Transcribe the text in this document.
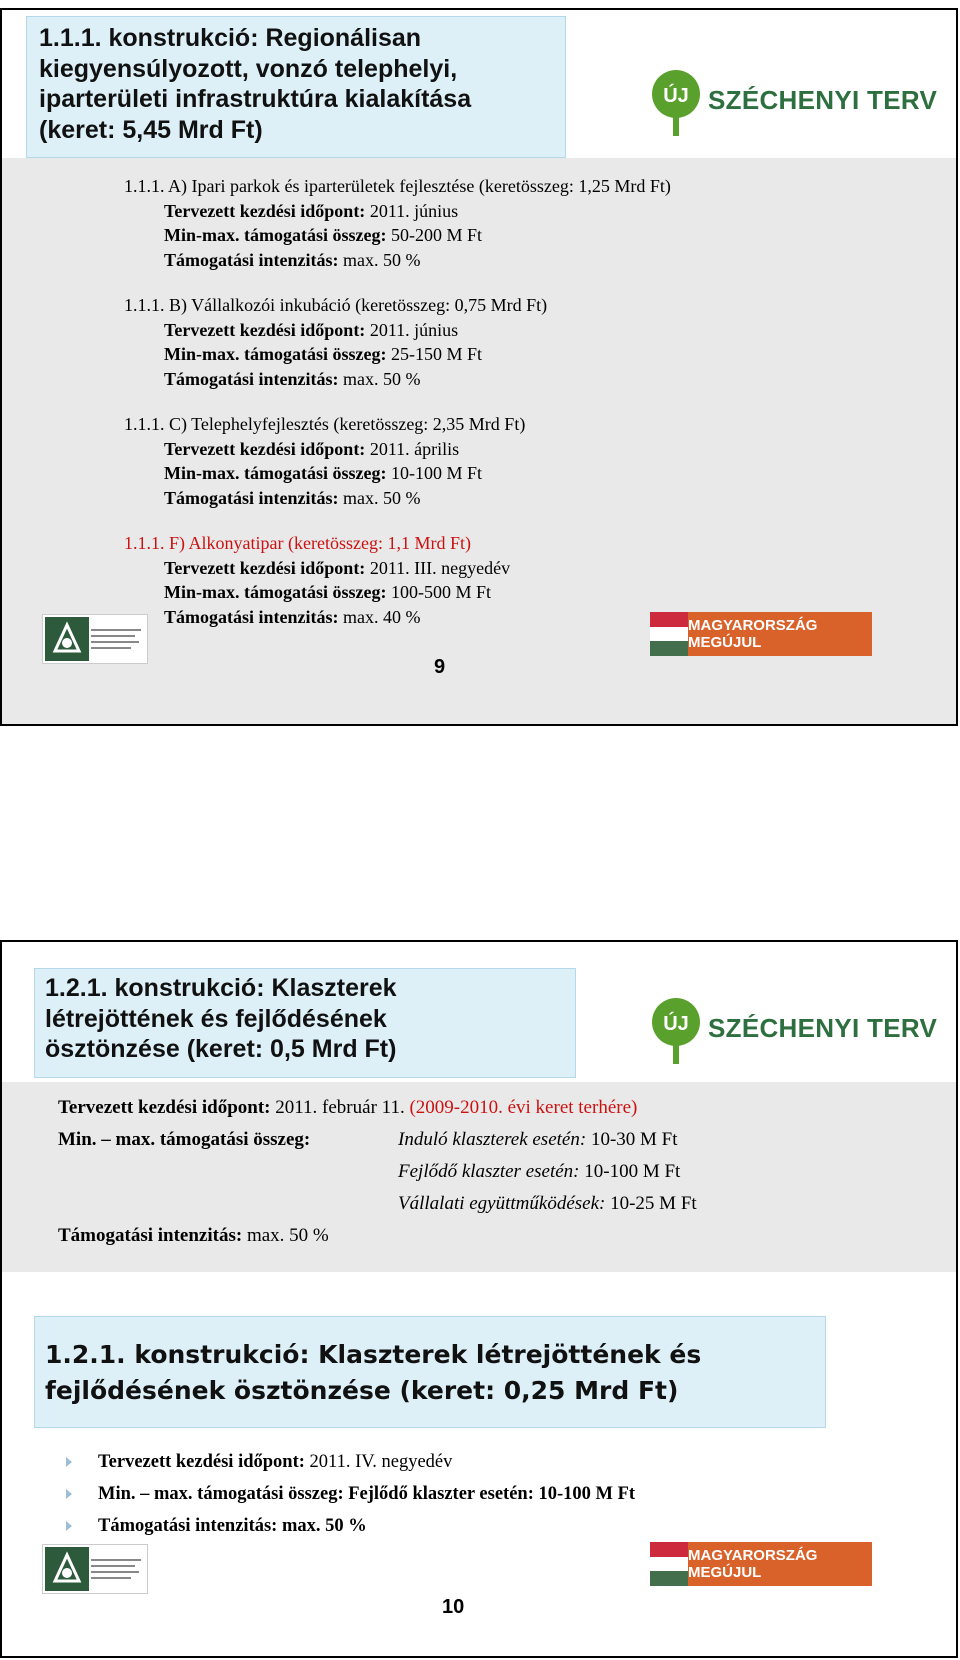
1.1.1. konstrukció: Regionálisan
kiegyensúlyozott, vonzó telephelyi,
iparterületi infrastruktúra kialakítása
(keret: 5,45 Mrd Ft)
ÚJ SZÉCHENYI TERV
1.1.1. A) Ipari parkok és iparterületek fejlesztése (keretösszeg: 1,25 Mrd Ft)
Tervezett kezdési időpont: 2011. június
Min-max. támogatási összeg: 50-200 M Ft
Támogatási intenzitás: max. 50 %
1.1.1. B) Vállalkozói inkubáció (keretösszeg: 0,75 Mrd Ft)
Tervezett kezdési időpont: 2011. június
Min-max. támogatási összeg: 25-150 M Ft
Támogatási intenzitás: max. 50 %
1.1.1. C) Telephelyfejlesztés (keretösszeg: 2,35 Mrd Ft)
Tervezett kezdési időpont: 2011. április
Min-max. támogatási összeg: 10-100 M Ft
Támogatási intenzitás: max. 50 %
1.1.1. F) Alkonyatipar (keretösszeg: 1,1 Mrd Ft)
Tervezett kezdési időpont: 2011. III. negyedév
Min-max. támogatási összeg: 100-500 M Ft
Támogatási intenzitás: max. 40 %	MAGYARORSZÁG MEGÚJUL
9
1.2.1. konstrukció: Klaszterek
létrejöttének és fejlődésének
ösztönzése (keret: 0,5 Mrd Ft)
ÚJ SZÉCHENYI TERV
Tervezett kezdési időpont: 2011. február 11. (2009-2010. évi keret terhére)
Min. – max. támogatási összeg:	Induló klaszterek esetén: 10-30 M Ft
Fejlődő klaszter esetén: 10-100 M Ft
Vállalati együttműködések: 10-25 M Ft
Támogatási intenzitás: max. 50 %
1.2.1. konstrukció: Klaszterek létrejöttének és
fejlődésének ösztönzése (keret: 0,25 Mrd Ft)
Tervezett kezdési időpont:
2011. IV. negyedév
Min. – max. támogatási összeg: Fejlődő klaszter esetén: 10-100 M Ft
Támogatási intenzitás: max. 50 %
MAGYARORSZÁG MEGÚJUL
10
